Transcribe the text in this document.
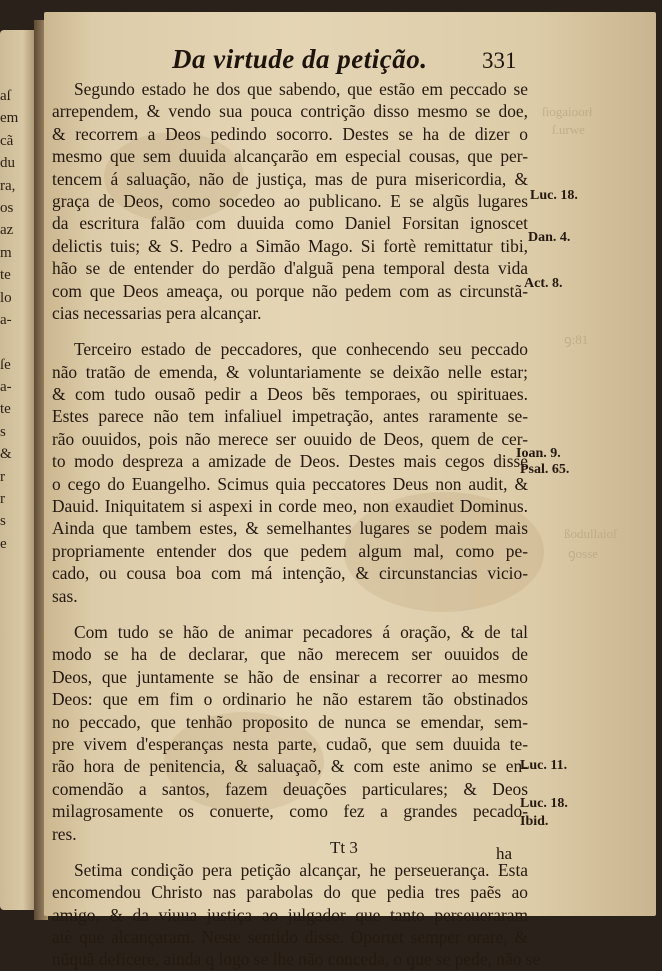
aſ
em
cã
du
ra,
os
az
m
te
lo
a-
ſe
a-
te
s
&
r
r
s
e
ſiogaioorł
ſ.urwe
ꝯ:81
ßodullaioſ
ꝯosse
Da virtude da petição. 331
Segundo estado he dos que sabendo, que estão em peccado se
arrependem, & vendo sua pouca contrição disso mesmo se doe,
& recorrem a Deos pedindo socorro. Destes se ha de dizer o
mesmo que sem duuida alcançarão em especial cousas, que per-
tencem á saluação, não de justiça, mas de pura misericordia, &
graça de Deos, como socedeo ao publicano. E se algũs lugares
da escritura falão com duuida como Daniel Forsitan ignoscet
delictis tuis; & S. Pedro a Simão Mago. Si fortè remittatur tibi,
hão se de entender do perdão d'alguã pena temporal desta vida
com que Deos ameaça, ou porque não pedem com as circunstã-
cias necessarias pera alcançar.
Terceiro estado de peccadores, que conhecendo seu peccado
não tratão de emenda, & voluntariamente se deixão nelle estar;
& com tudo ousaõ pedir a Deos bẽs temporaes, ou spirituaes.
Estes parece não tem infaliuel impetração, antes raramente se-
rão ouuidos, pois não merece ser ouuido de Deos, quem de cer-
to modo despreza a amizade de Deos. Destes mais cegos disse
o cego do Euangelho. Scimus quia peccatores Deus non audit, &
Dauid. Iniquitatem si aspexi in corde meo, non exaudiet Dominus.
Ainda que tambem estes, & semelhantes lugares se podem mais
propriamente entender dos que pedem algum mal, como pe-
cado, ou cousa boa com má intenção, & circunstancias vicio-
sas.
Com tudo se hão de animar pecadores á oração, & de tal
modo se ha de declarar, que não merecem ser ouuidos de
Deos, que juntamente se hão de ensinar a recorrer ao mesmo
Deos: que em fim o ordinario he não estarem tão obstinados
no peccado, que tenhão proposito de nunca se emendar, sem-
pre vivem d'esperanças nesta parte, cudaõ, que sem duuida te-
rão hora de penitencia, & saluaçaõ, & com este animo se en-
comendão a santos, fazem deuações particulares; & Deos
milagrosamente os conuerte, como fez a grandes pecado-
res.
Setima condição pera petição alcançar, he perseuerança. Esta
encomendou Christo nas parabolas do que pedia tres paẽs ao
amigo, & da viuua justiça ao julgador que tanto perseueraram
atè que alcançaram. Neste sentido disse. Oportet semper orare, &
nũquã deficere, ainda q logo se lhe não conceda, o que se pede, não se
Luc. 18.
Dan. 4.
Act. 8.
Ioan. 9.
Psal. 65.
Luc. 11.
Luc. 18.
Ibid.
Tt 3	ha
